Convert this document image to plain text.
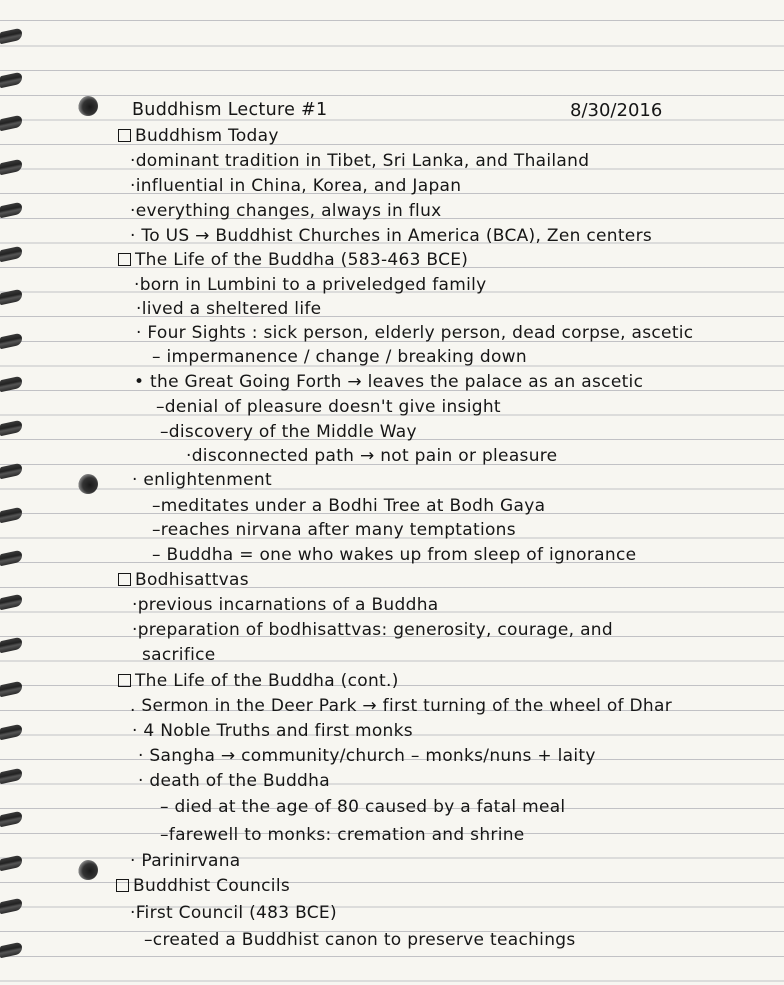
Buddhism Lecture #1	8/30/2016
Buddhism Today
·dominant tradition in Tibet, Sri Lanka, and Thailand
·influential in China, Korea, and Japan
·everything changes, always in flux
· To US → Buddhist Churches in America (BCA), Zen centers
The Life of the Buddha (583-463 BCE)
·born in Lumbini to a priveledged family
·lived a sheltered life
· Four Sights : sick person, elderly person, dead corpse, ascetic
– impermanence / change / breaking down
• the Great Going Forth → leaves the palace as an ascetic
–denial of pleasure doesn't give insight
–discovery of the Middle Way
·disconnected path → not pain or pleasure
· enlightenment
–meditates under a Bodhi Tree at Bodh Gaya
–reaches nirvana after many temptations
– Buddha = one who wakes up from sleep of ignorance
Bodhisattvas
·previous incarnations of a Buddha
·preparation of bodhisattvas: generosity, courage, and
sacrifice
The Life of the Buddha (cont.)
. Sermon in the Deer Park → first turning of the wheel of Dhar
· 4 Noble Truths and first monks
· Sangha → community/church – monks/nuns + laity
· death of the Buddha
– died at the age of 80 caused by a fatal meal
–farewell to monks: cremation and shrine
· Parinirvana
Buddhist Councils
·First Council (483 BCE)
–created a Buddhist canon to preserve teachings
